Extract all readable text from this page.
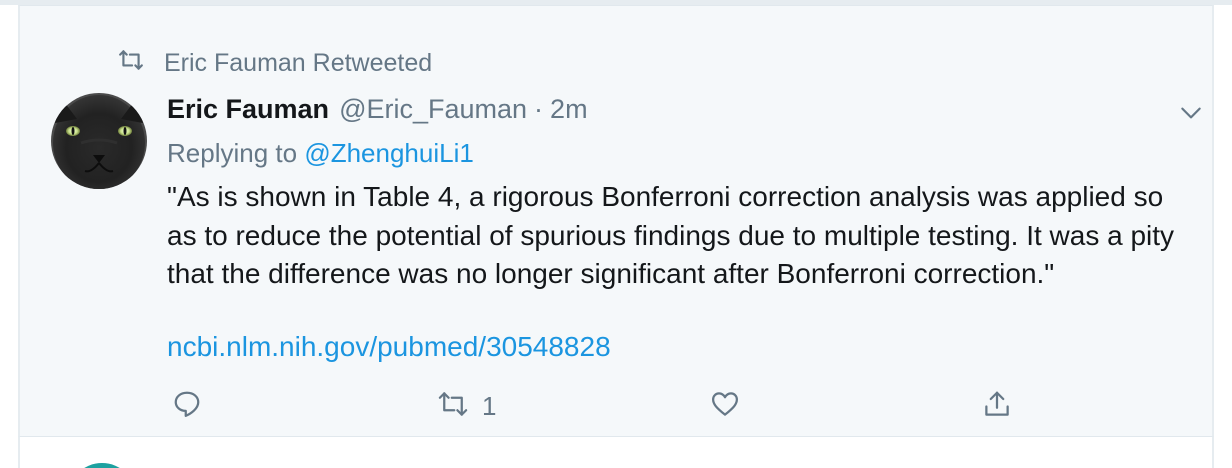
Eric Fauman Retweeted
Eric Fauman @Eric_Fauman · 2m
Replying to @ZhenghuiLi1
"As is shown in Table 4, a rigorous Bonferroni correction analysis was applied so as to reduce the potential of spurious findings due to multiple testing. It was a pity that the difference was no longer significant after Bonferroni correction."
ncbi.nlm.nih.gov/pubmed/30548828
1
